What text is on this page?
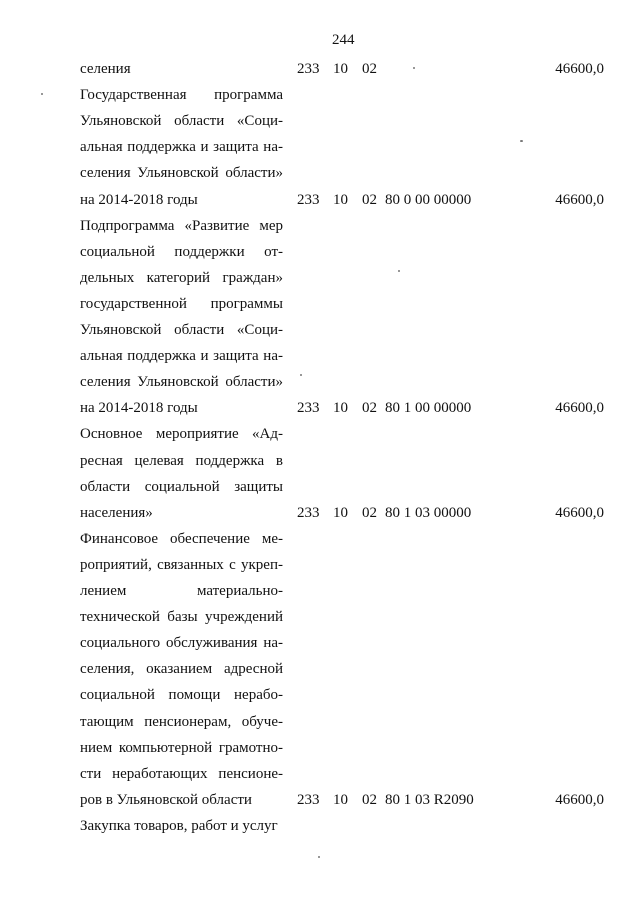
244
селения	233 10 02	46600,0
Государственная программа
Ульяновской области «Соци-
альная поддержка и защита на-
селения Ульяновской области»
на 2014-2018 годы	233 10 02 80 0 00 00000	46600,0
Подпрограмма «Развитие мер
социальной поддержки от-
дельных категорий граждан»
государственной программы
Ульяновской области «Соци-
альная поддержка и защита на-
селения Ульяновской области»
на 2014-2018 годы	233 10 02 80 1 00 00000	46600,0
Основное мероприятие «Ад-
ресная целевая поддержка в
области социальной защиты
населения»	233 10 02 80 1 03 00000	46600,0
Финансовое обеспечение ме-
роприятий, связанных с укреп-
лением материально-
технической базы учреждений
социального обслуживания на-
селения, оказанием адресной
социальной помощи нерабо-
тающим пенсионерам, обуче-
нием компьютерной грамотно-
сти неработающих пенсионе-
ров в Ульяновской области	233 10 02 80 1 03 R2090	46600,0
Закупка товаров, работ и услуг
